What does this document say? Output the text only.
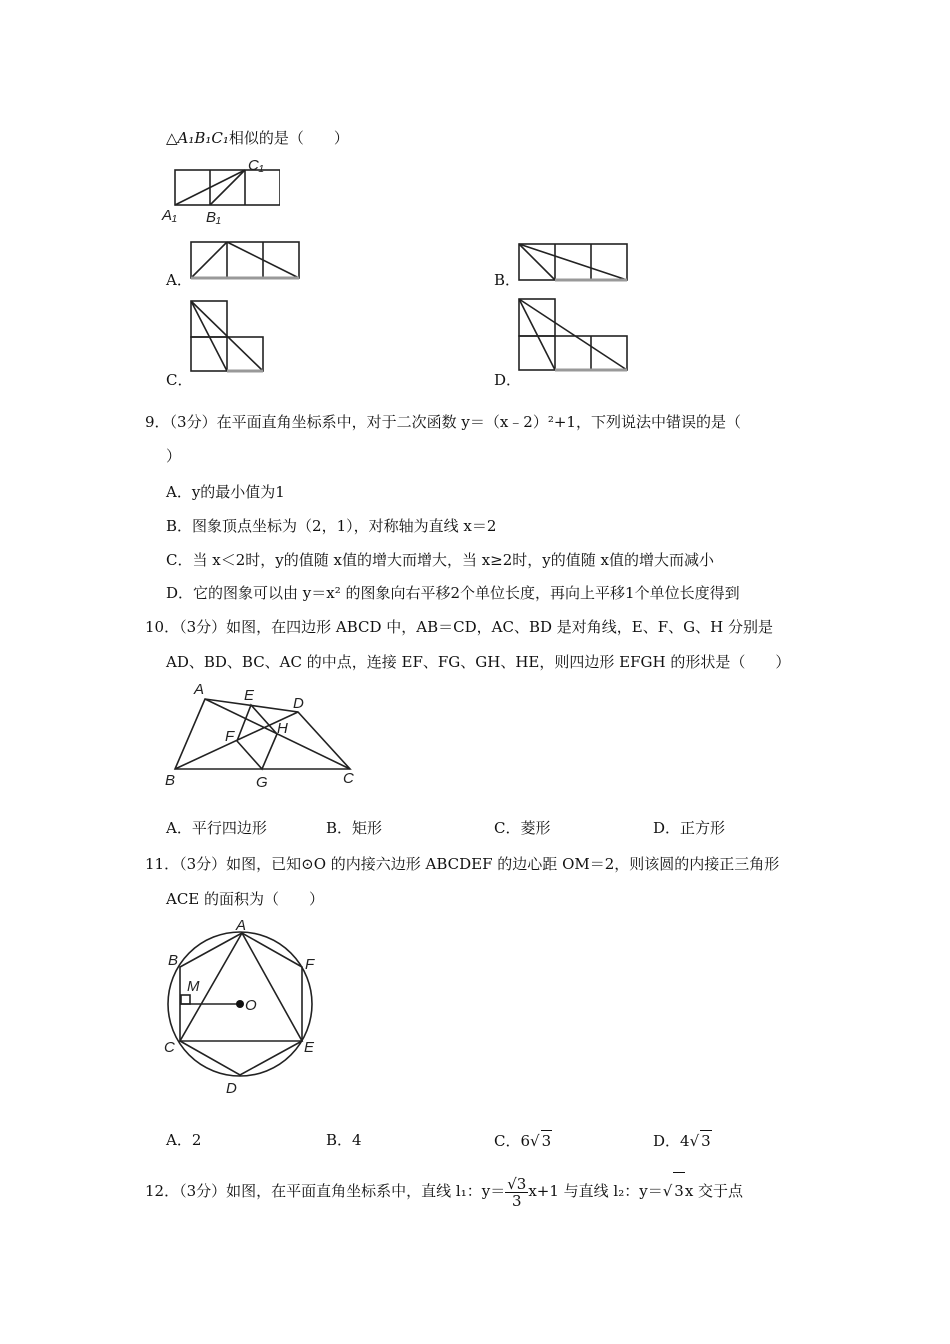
△A₁B₁C₁相似的是（　　）
A₁ B₁
C₁
A．	B．
C．	D．
9．（3分）在平面直角坐标系中，对于二次函数 y＝（x﹣2）²+1，下列说法中错误的是（
）
A．y的最小值为1
B．图象顶点坐标为（2，1），对称轴为直线 x＝2
C．当 x＜2时，y的值随 x值的增大而增大，当 x≥2时，y的值随 x值的增大而减小
D．它的图象可以由 y＝x² 的图象向右平移2个单位长度，再向上平移1个单位长度得到
10．（3分）如图，在四边形 ABCD 中，AB＝CD，AC、BD 是对角线，E、F、G、H 分别是
AD、BD、BC、AC 的中点，连接 EF、FG、GH、HE，则四边形 EFGH 的形状是（　　）
A	E	D
F	H
B	G	C
A．平行四边形	B．矩形	C．菱形	D．正方形
11．（3分）如图，已知⊙O 的内接六边形 ABCDEF 的边心距 OM＝2，则该圆的内接正三角形
ACE 的面积为（　　）
A
B	F
M
O
C	E
D
A．2	B．4	C．6√ 3	D．4√ 3
12．（3分）如图，在平面直角坐标系中，直线 l₁：$y= \frac{√3}{3} x+1$ 与直线 l₂：y＝√ 3x 交于点
